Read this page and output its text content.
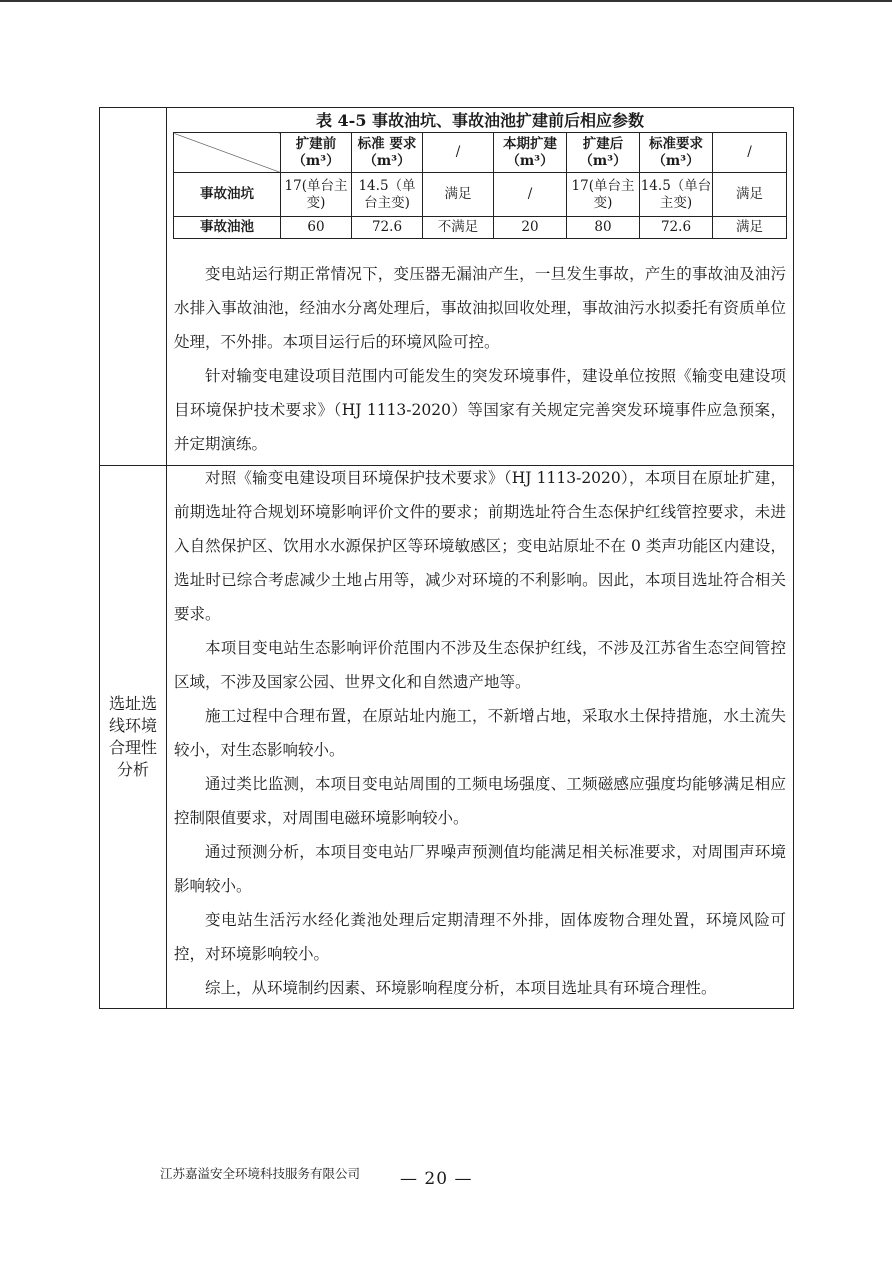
表 4-5 事故油坑、事故油池扩建前后相应参数
	扩建前（m³）	标准 要求（m³）	/	本期扩建（m³）	扩建后（m³）	标准要求（m³）	/
事故油坑	17(单台主变)	14.5（单台主变)	满足	/	17(单台主变)	14.5（单台主变)	满足
事故油池	60	72.6	不满足	20	80	72.6	满足

变电站运行期正常情况下，变压器无漏油产生，一旦发生事故，产生的事故油及油污水排入事故油池，经油水分离处理后，事故油拟回收处理，事故油污水拟委托有资质单位处理，不外排。本项目运行后的环境风险可控。

针对输变电建设项目范围内可能发生的突发环境事件，建设单位按照《输变电建设项目环境保护技术要求》（HJ 1113-2020）等国家有关规定完善突发环境事件应急预案，并定期演练。

选址选线环境合理性分析

对照《输变电建设项目环境保护技术要求》（HJ 1113-2020），本项目在原址扩建，前期选址符合规划环境影响评价文件的要求；前期选址符合生态保护红线管控要求，未进入自然保护区、饮用水水源保护区等环境敏感区；变电站原址不在 0 类声功能区内建设，选址时已综合考虑减少土地占用等，减少对环境的不利影响。因此，本项目选址符合相关要求。

本项目变电站生态影响评价范围内不涉及生态保护红线，不涉及江苏省生态空间管控区域，不涉及国家公园、世界文化和自然遗产地等。

施工过程中合理布置，在原站址内施工，不新增占地，采取水土保持措施，水土流失较小，对生态影响较小。

通过类比监测，本项目变电站周围的工频电场强度、工频磁感应强度均能够满足相应控制限值要求，对周围电磁环境影响较小。

通过预测分析，本项目变电站厂界噪声预测值均能满足相关标准要求，对周围声环境影响较小。

变电站生活污水经化粪池处理后定期清理不外排，固体废物合理处置，环境风险可控，对环境影响较小。

综上，从环境制约因素、环境影响程度分析，本项目选址具有环境合理性。

江苏嘉溢安全环境科技服务有限公司 — 20 —
